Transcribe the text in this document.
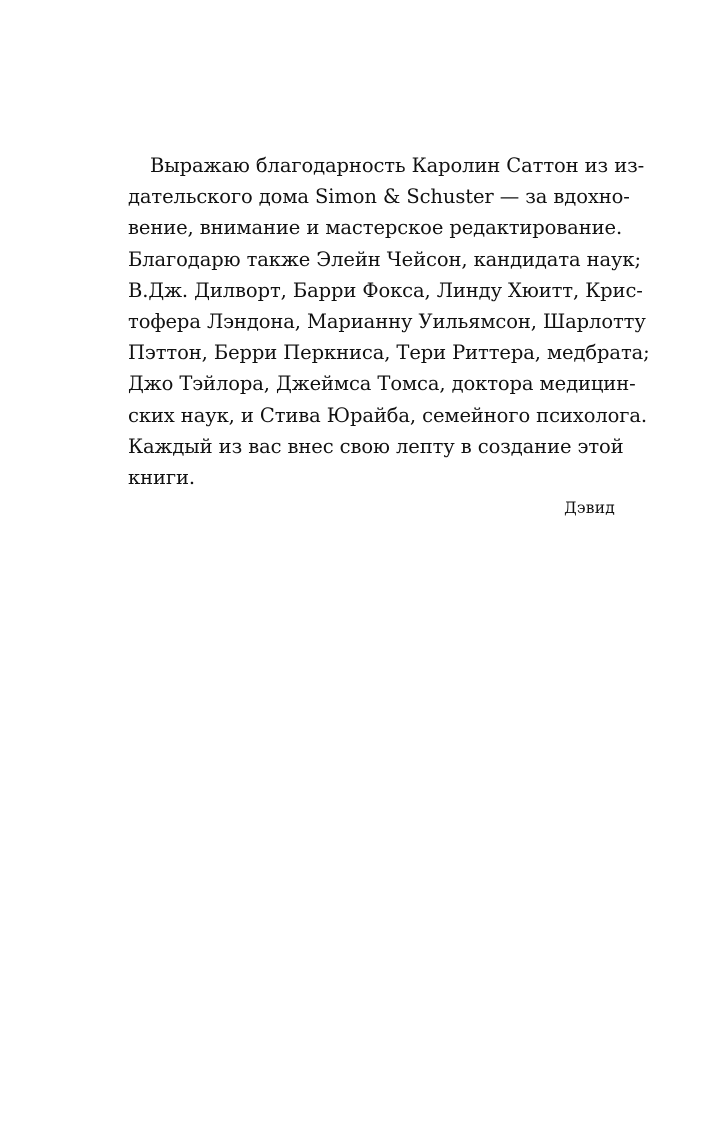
Выражаю благодарность Каролин Саттон из из-
дательского дома Simon & Schuster — за вдохно-
вение, внимание и мастерское редактирование.
Благодарю также Элейн Чейсон, кандидата наук;
В.Дж. Дилворт, Барри Фокса, Линду Хюитт, Крис-
тофера Лэндона, Марианну Уильямсон, Шарлотту
Пэттон, Берри Перкниса, Тери Риттера, медбрата;
Джо Тэйлора, Джеймса Томса, доктора медицин-
ских наук, и Стива Юрайба, семейного психолога.
Каждый из вас внес свою лепту в создание этой
книги.
Дэвид
